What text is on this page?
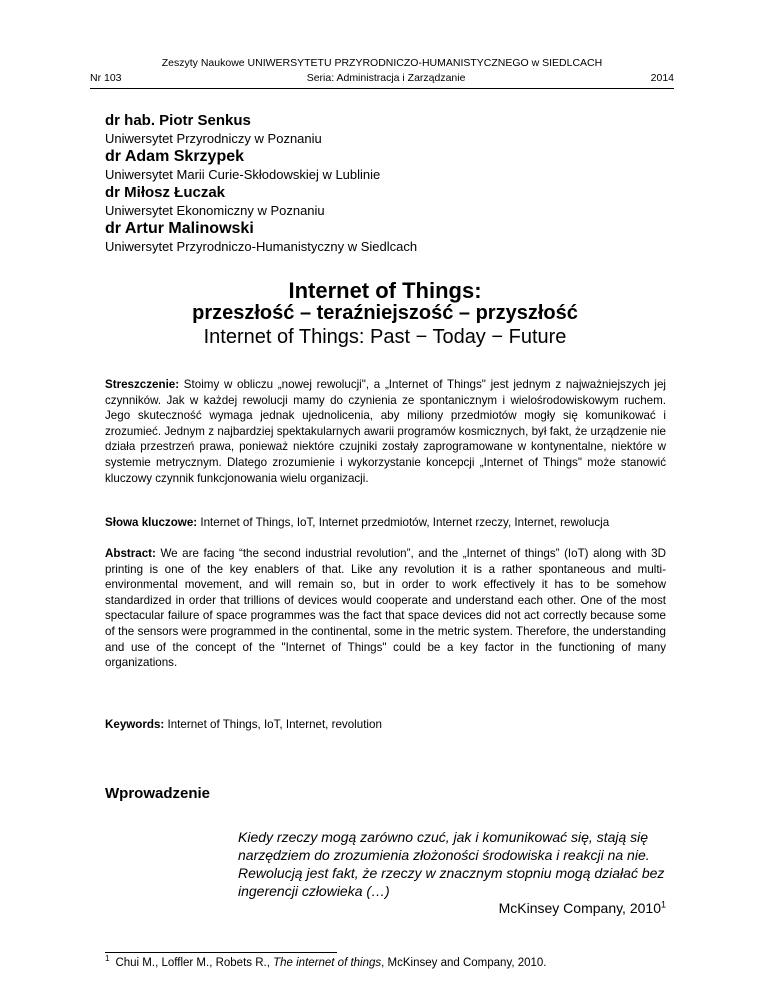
Zeszyty Naukowe UNIWERSYTETU PRZYRODNICZO-HUMANISTYCZNEGO w SIEDLCACH
Nr 103	Seria: Administracja i Zarządzanie	2014
dr hab. Piotr Senkus
Uniwersytet Przyrodniczy w Poznaniu
dr Adam Skrzypek
Uniwersytet Marii Curie-Skłodowskiej w Lublinie
dr Miłosz Łuczak
Uniwersytet Ekonomiczny w Poznaniu
dr Artur Malinowski
Uniwersytet Przyrodniczo-Humanistyczny w Siedlcach
Internet of Things:
przeszłość – teraźniejszość – przyszłość
Internet of Things: Past − Today − Future
Streszczenie: Stoimy w obliczu „nowej rewolucji", a „Internet of Things" jest jednym z najważniejszych jej czynników. Jak w każdej rewolucji mamy do czynienia ze spontanicznym i wielośrodowiskowym ruchem. Jego skuteczność wymaga jednak ujednolicenia, aby miliony przedmiotów mogły się komunikować i zrozumieć. Jednym z najbardziej spektakularnych awarii programów kosmicznych, był fakt, że urządzenie nie działa przestrzeń prawa, ponieważ niektóre czujniki zostały zaprogramowane w kontynentalne, niektóre w systemie metrycznym. Dlatego zrozumienie i wykorzystanie koncepcji „Internet of Things" może stanowić kluczowy czynnik funkcjonowania wielu organizacji.
Słowa kluczowe: Internet of Things, IoT, Internet przedmiotów, Internet rzeczy, Internet, rewolucja
Abstract: We are facing “the second industrial revolution”, and the „Internet of things” (IoT) along with 3D printing is one of the key enablers of that. Like any revolution it is a rather spontaneous and multi-environmental movement, and will remain so, but in order to work effectively it has to be somehow standardized in order that trillions of devices would cooperate and understand each other. One of the most spectacular failure of space programmes was the fact that space devices did not act correctly because some of the sensors were programmed in the continental, some in the metric system. Therefore, the understanding and use of the concept of the "Internet of Things" could be a key factor in the functioning of many organizations.
Keywords: Internet of Things, IoT, Internet, revolution
Wprowadzenie
Kiedy rzeczy mogą zarówno czuć, jak i komunikować się, stają się narzędziem do zrozumienia złożoności środowiska i reakcji na nie. Rewolucją jest fakt, że rzeczy w znacznym stopniu mogą działać bez ingerencji człowieka (…)
McKinsey Company, 2010$^1$
$^1$ Chui M., Loffler M., Robets R., The internet of things, McKinsey and Company, 2010.
